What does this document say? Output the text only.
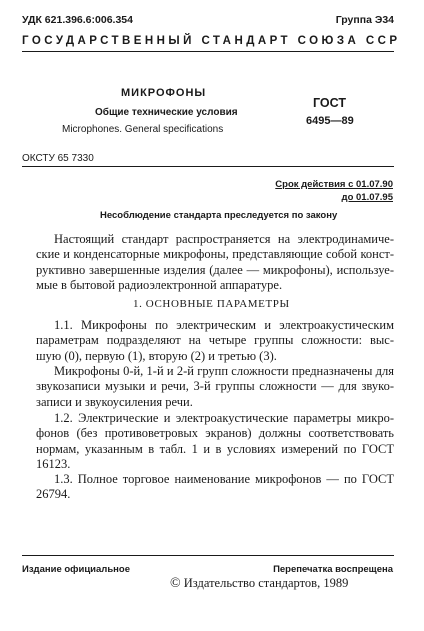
УДК 621.396.6:006.354	Группа Э34
ГОСУДАРСТВЕННЫЙ СТАНДАРТ СОЮЗА ССР
МИКРОФОНЫ
Общие технические условия
Microphones. General specifications
ГОСТ
6495—89
ОКСТУ 65 7330
Срок действия с 01.07.90
до 01.07.95
Несоблюдение стандарта преследуется по закону
Настоящий стандарт распространяется на электродинамиче-
ские и конденсаторные микрофоны, представляющие собой конст-
руктивно завершенные изделия (далее — микрофоны), используе-
мые в бытовой радиоэлектронной аппаратуре.
1. ОСНОВНЫЕ ПАРАМЕТРЫ
1.1. Микрофоны по электрическим и электроакустическим
параметрам подразделяют на четыре группы сложности: выс-
шую (0), первую (1), вторую (2) и третью (3).
Микрофоны 0-й, 1-й и 2-й групп сложности предназначены для
звукозаписи музыки и речи, 3-й группы сложности — для звуко-
записи и звукоусиления речи.
1.2. Электрические и электроакустические параметры микро-
фонов (без противоветровых экранов) должны соответствовать
нормам, указанным в табл. 1 и в условиях измерений по ГОСТ
16123.
1.3. Полное торговое наименование микрофонов — по ГОСТ
26794.
Издание официальное	Перепечатка воспрещена
© Издательство стандартов, 1989
